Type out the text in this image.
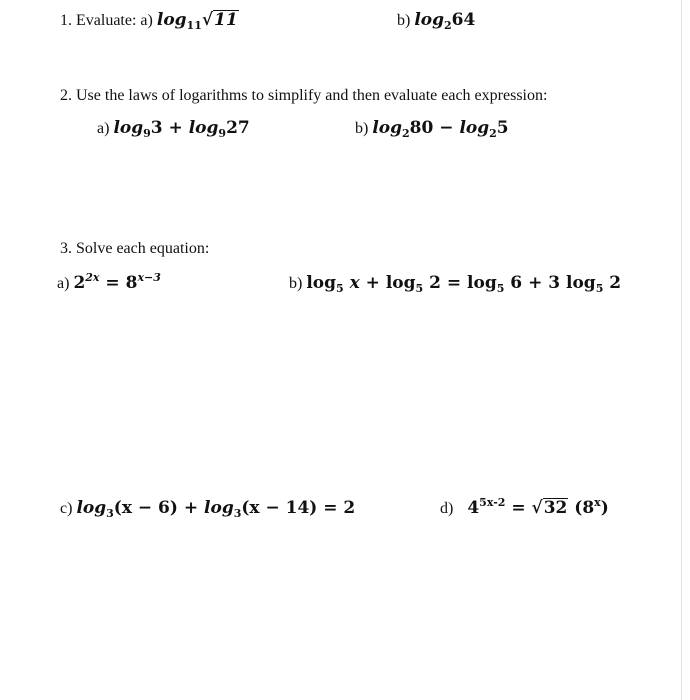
1. Evaluate: a) $\log_{11}√11$	b) $\log_264$
2. Use the laws of logarithms to simplify and then evaluate each expression:
a) $\log_93 + \log_927$	b) $\log_280 - \log_25$
3. Solve each equation:
a) $2^{2x} = 8^{x-3}$	b) $\log_5 x + \log_5 2 = \log_5 6 + 3$ $\log_5 2$
c) $\log_3(x - 6) + \log_3(x - 14) = 2$	d) $4^{5x-2} = √32$ (8$^x$)
